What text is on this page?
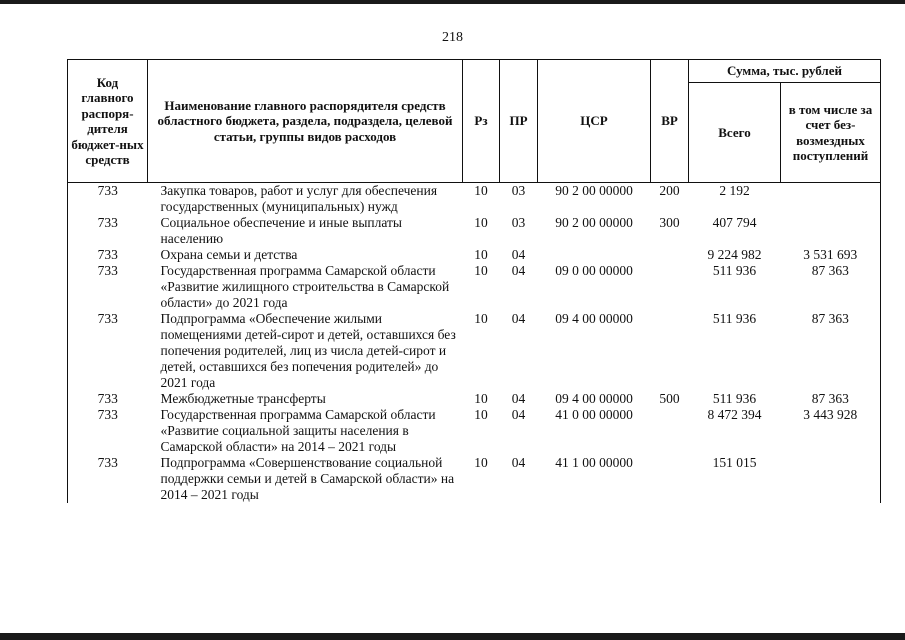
218
Код главного распоря-дителя бюджет-ных средств	Наименование главного распорядителя средств областного бюджета, раздела, подраздела, целевой статьи, группы видов расходов	Рз	ПР	ЦСР	ВР	Сумма, тыс. рублей	
						Всего	в том числе за счет без-возмездных поступлений
733	Закупка товаров, работ и услуг для обеспечения государственных (муниципальных) нужд	10	03	90 2 00 00000	200	2 192	
733	Социальное обеспечение и иные выплаты населению	10	03	90 2 00 00000	300	407 794	
733	Охрана семьи и детства	10	04			9 224 982	3 531 693
733	Государственная программа Самарской области «Развитие жилищного строительства в Самарской области» до 2021 года	10	04	09 0 00 00000		511 936	87 363
733	Подпрограмма «Обеспечение жилыми помещениями детей-сирот и детей, оставшихся без попечения родителей, лиц из числа детей-сирот и детей, оставшихся без попечения родителей» до 2021 года	10	04	09 4 00 00000		511 936	87 363
733	Межбюджетные трансферты	10	04	09 4 00 00000	500	511 936	87 363
733	Государственная программа Самарской области «Развитие социальной защиты населения в Самарской области» на 2014 – 2021 годы	10	04	41 0 00 00000		8 472 394	3 443 928
733	Подпрограмма «Совершенствование социальной поддержки семьи и детей в Самарской области» на 2014 – 2021 годы	10	04	41 1 00 00000		151 015	
